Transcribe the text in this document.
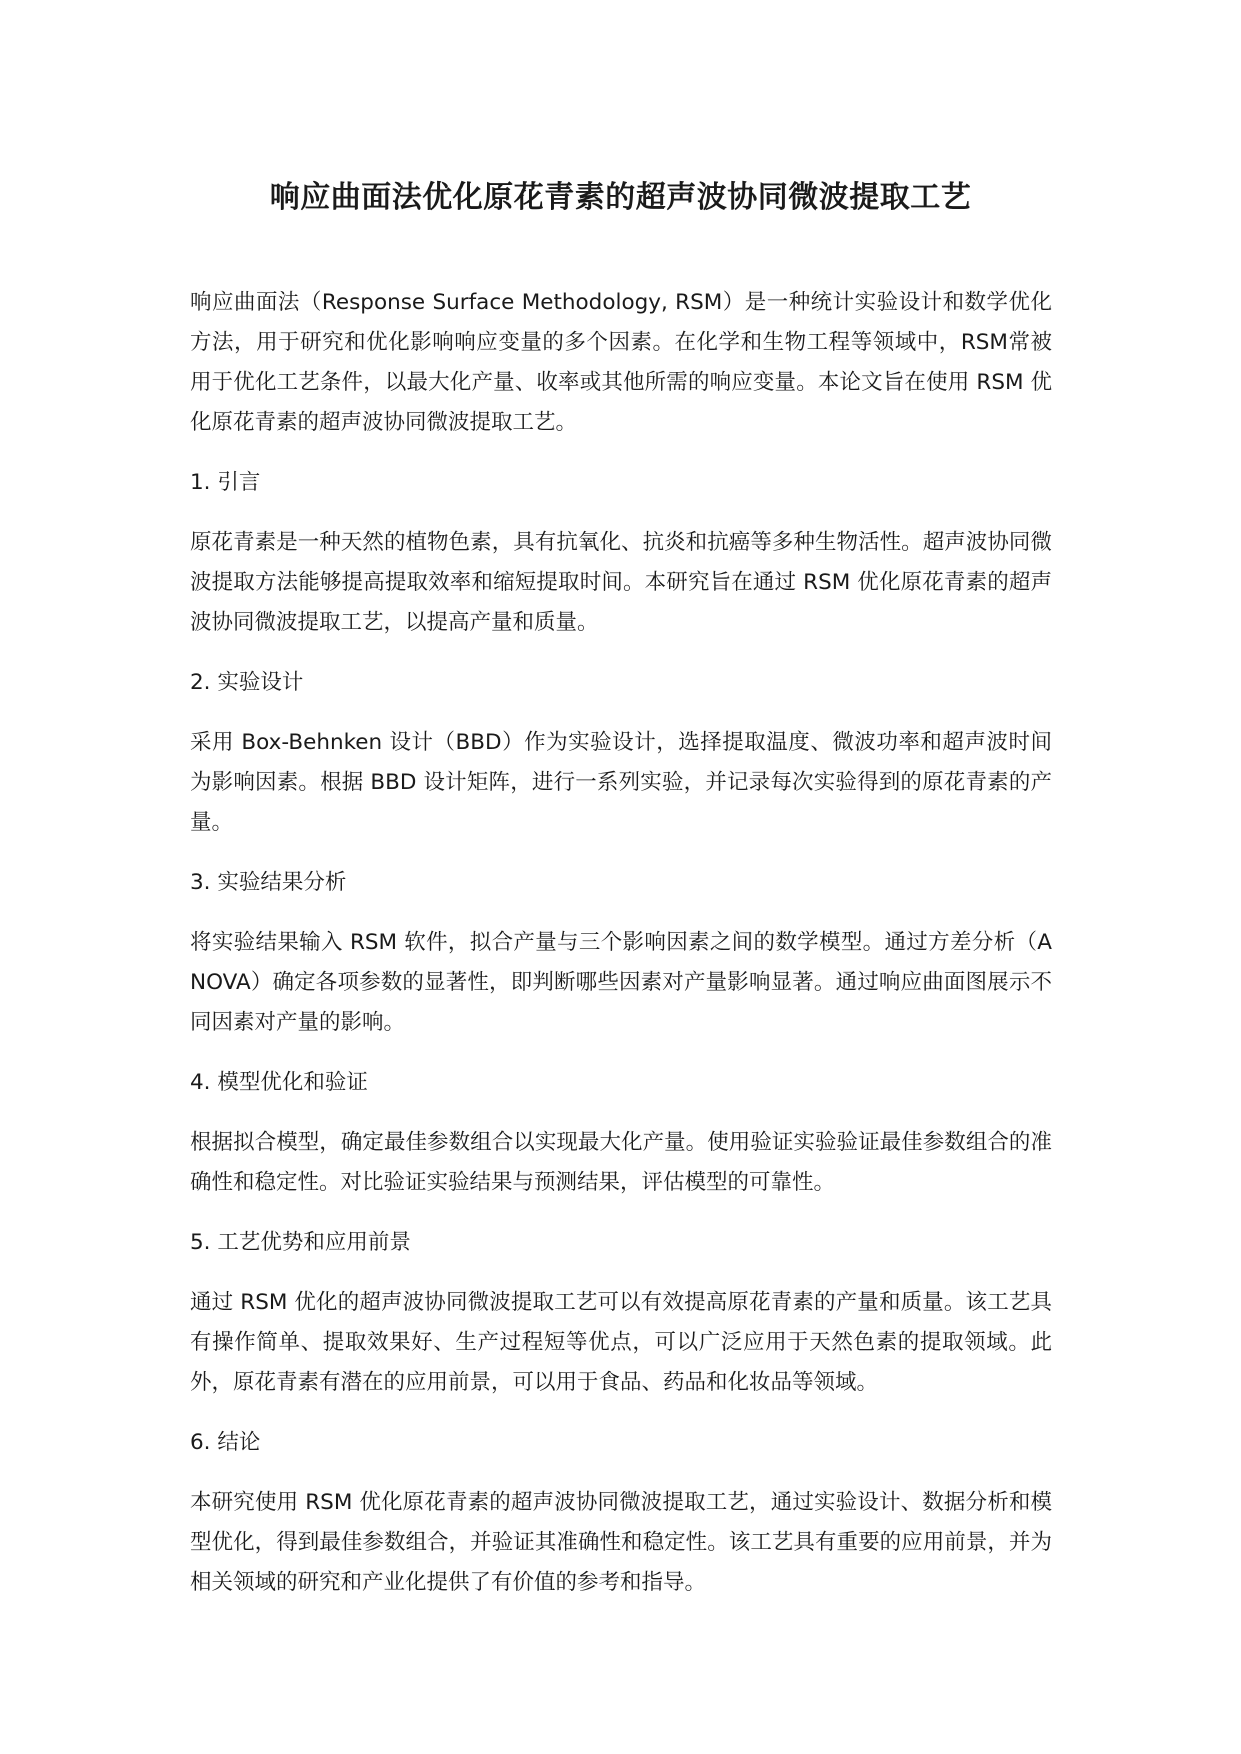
响应曲面法优化原花青素的超声波协同微波提取工艺

响应曲面法（Response Surface Methodology, RSM）是一种统计实验设计和数学优化方法，用于研究和优化影响响应变量的多个因素。在化学和生物工程等领域中，RSM常被用于优化工艺条件，以最大化产量、收率或其他所需的响应变量。本论文旨在使用 RSM 优化原花青素的超声波协同微波提取工艺。

1. 引言

原花青素是一种天然的植物色素，具有抗氧化、抗炎和抗癌等多种生物活性。超声波协同微波提取方法能够提高提取效率和缩短提取时间。本研究旨在通过 RSM 优化原花青素的超声波协同微波提取工艺，以提高产量和质量。

2. 实验设计

采用 Box-Behnken 设计（BBD）作为实验设计，选择提取温度、微波功率和超声波时间为影响因素。根据 BBD 设计矩阵，进行一系列实验，并记录每次实验得到的原花青素的产量。

3. 实验结果分析

将实验结果输入 RSM 软件，拟合产量与三个影响因素之间的数学模型。通过方差分析（ANOVA）确定各项参数的显著性，即判断哪些因素对产量影响显著。通过响应曲面图展示不同因素对产量的影响。

4. 模型优化和验证

根据拟合模型，确定最佳参数组合以实现最大化产量。使用验证实验验证最佳参数组合的准确性和稳定性。对比验证实验结果与预测结果，评估模型的可靠性。

5. 工艺优势和应用前景

通过 RSM 优化的超声波协同微波提取工艺可以有效提高原花青素的产量和质量。该工艺具有操作简单、提取效果好、生产过程短等优点，可以广泛应用于天然色素的提取领域。此外，原花青素有潜在的应用前景，可以用于食品、药品和化妆品等领域。

6. 结论

本研究使用 RSM 优化原花青素的超声波协同微波提取工艺，通过实验设计、数据分析和模型优化，得到最佳参数组合，并验证其准确性和稳定性。该工艺具有重要的应用前景，并为相关领域的研究和产业化提供了有价值的参考和指导。
